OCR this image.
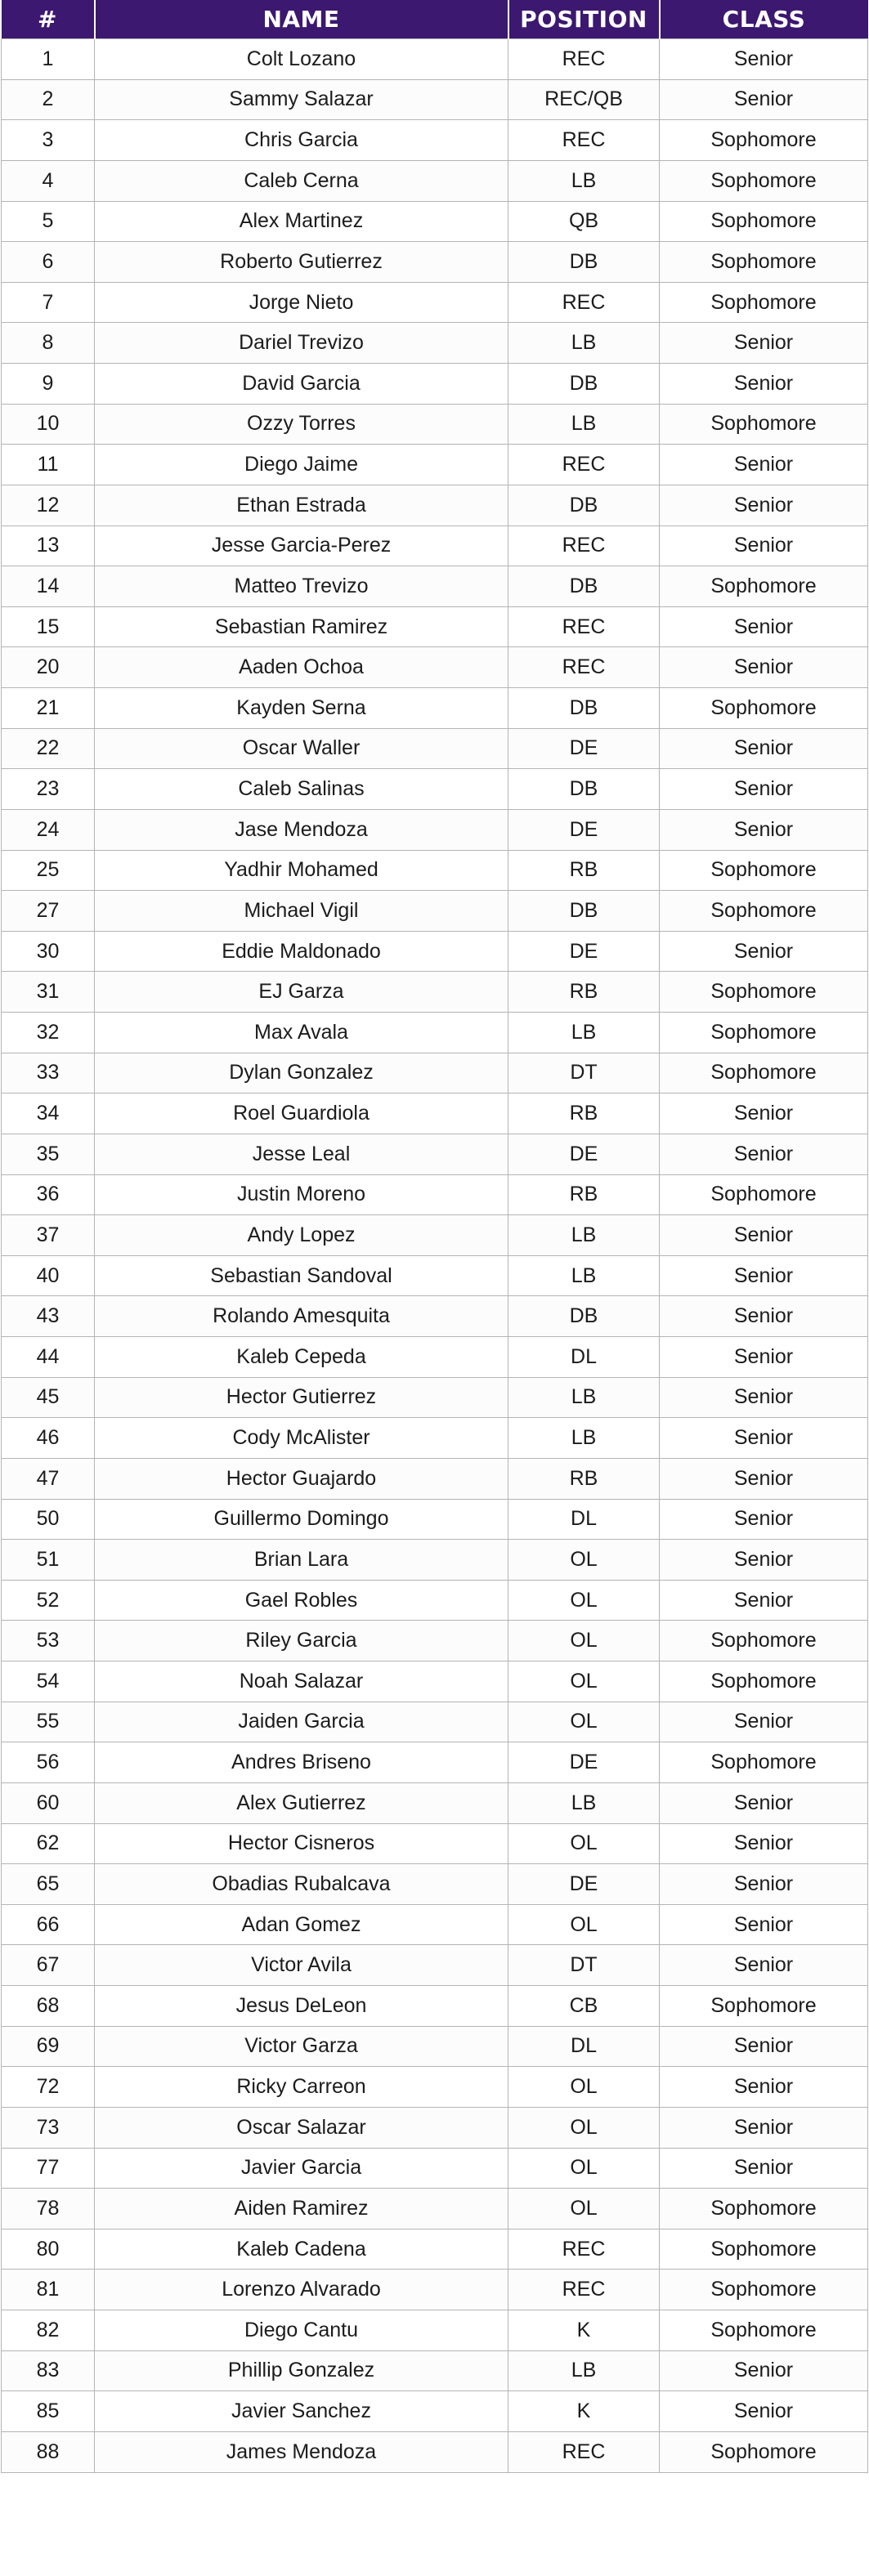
#	NAME	POSITION	CLASS
1	Colt Lozano	REC	Senior
2	Sammy Salazar	REC/QB	Senior
3	Chris Garcia	REC	Sophomore
4	Caleb Cerna	LB	Sophomore
5	Alex Martinez	QB	Sophomore
6	Roberto Gutierrez	DB	Sophomore
7	Jorge Nieto	REC	Sophomore
8	Dariel Trevizo	LB	Senior
9	David Garcia	DB	Senior
10	Ozzy Torres	LB	Sophomore
11	Diego Jaime	REC	Senior
12	Ethan Estrada	DB	Senior
13	Jesse Garcia-Perez	REC	Senior
14	Matteo Trevizo	DB	Sophomore
15	Sebastian Ramirez	REC	Senior
20	Aaden Ochoa	REC	Senior
21	Kayden Serna	DB	Sophomore
22	Oscar Waller	DE	Senior
23	Caleb Salinas	DB	Senior
24	Jase Mendoza	DE	Senior
25	Yadhir Mohamed	RB	Sophomore
27	Michael Vigil	DB	Sophomore
30	Eddie Maldonado	DE	Senior
31	EJ Garza	RB	Sophomore
32	Max Avala	LB	Sophomore
33	Dylan Gonzalez	DT	Sophomore
34	Roel Guardiola	RB	Senior
35	Jesse Leal	DE	Senior
36	Justin Moreno	RB	Sophomore
37	Andy Lopez	LB	Senior
40	Sebastian Sandoval	LB	Senior
43	Rolando Amesquita	DB	Senior
44	Kaleb Cepeda	DL	Senior
45	Hector Gutierrez	LB	Senior
46	Cody McAlister	LB	Senior
47	Hector Guajardo	RB	Senior
50	Guillermo Domingo	DL	Senior
51	Brian Lara	OL	Senior
52	Gael Robles	OL	Senior
53	Riley Garcia	OL	Sophomore
54	Noah Salazar	OL	Sophomore
55	Jaiden Garcia	OL	Senior
56	Andres Briseno	DE	Sophomore
60	Alex Gutierrez	LB	Senior
62	Hector Cisneros	OL	Senior
65	Obadias Rubalcava	DE	Senior
66	Adan Gomez	OL	Senior
67	Victor Avila	DT	Senior
68	Jesus DeLeon	CB	Sophomore
69	Victor Garza	DL	Senior
72	Ricky Carreon	OL	Senior
73	Oscar Salazar	OL	Senior
77	Javier Garcia	OL	Senior
78	Aiden Ramirez	OL	Sophomore
80	Kaleb Cadena	REC	Sophomore
81	Lorenzo Alvarado	REC	Sophomore
82	Diego Cantu	K	Sophomore
83	Phillip Gonzalez	LB	Senior
85	Javier Sanchez	K	Senior
88	James Mendoza	REC	Sophomore
